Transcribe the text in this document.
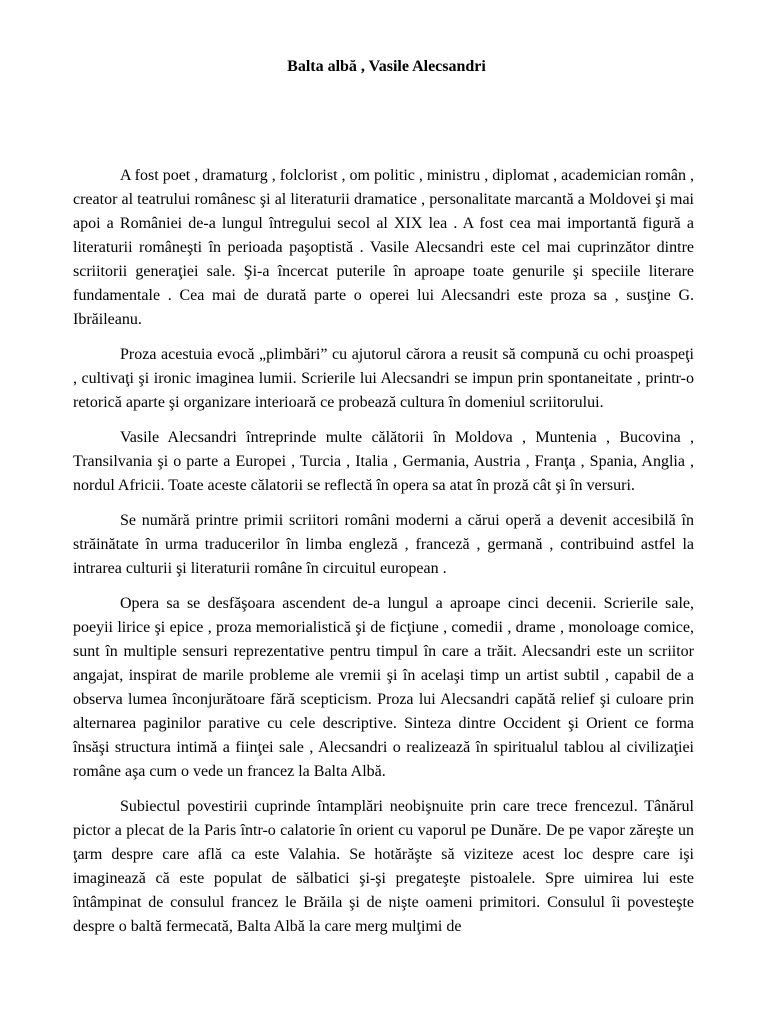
Balta albă , Vasile Alecsandri

A fost poet , dramaturg , folclorist , om politic , ministru , diplomat , academician român , creator al teatrului românesc şi al literaturii dramatice , personalitate marcantă a Moldovei şi mai apoi a României de-a lungul întregului secol al XIX lea . A fost cea mai importantă figură a literaturii româneşti în perioada paşoptistă . Vasile Alecsandri este cel mai cuprinzător dintre scriitorii generaţiei sale. Şi-a încercat puterile în aproape toate genurile şi speciile literare fundamentale . Cea mai de durată parte o operei lui Alecsandri este proza sa , susţine G. Ibrăileanu.

Proza acestuia evocă „plimbări” cu ajutorul cărora a reusit să compună cu ochi proaspeţi , cultivaţi şi ironic imaginea lumii. Scrierile lui Alecsandri se impun prin spontaneitate , printr-o retorică aparte şi organizare interioară ce probează cultura în domeniul scriitorului.

Vasile Alecsandri întreprinde multe călătorii în Moldova , Muntenia , Bucovina , Transilvania şi o parte a Europei , Turcia , Italia , Germania, Austria , Franţa , Spania, Anglia , nordul Africii. Toate aceste călatorii se reflectă în opera sa atat în proză cât şi în versuri.

Se numără printre primii scriitori români moderni a cărui operă a devenit accesibilă în străinătate în urma traducerilor în limba engleză , franceză , germană , contribuind astfel la intrarea culturii şi literaturii române în circuitul european .

Opera sa se desfăşoara ascendent de-a lungul a aproape cinci decenii. Scrierile sale, poeyii lirice şi epice , proza memorialistică şi de ficţiune , comedii , drame , monoloage comice, sunt în multiple sensuri reprezentative pentru timpul în care a trăit. Alecsandri este un scriitor angajat, inspirat de marile probleme ale vremii şi în acelaşi timp un artist subtil , capabil de a observa lumea înconjurătoare fără scepticism. Proza lui Alecsandri capătă relief şi culoare prin alternarea paginilor parative cu cele descriptive. Sinteza dintre Occident şi Orient ce forma însăşi structura intimă a fiinţei sale , Alecsandri o realizează în spiritualul tablou al civilizaţiei române aşa cum o vede un francez la Balta Albă.

Subiectul povestirii cuprinde întamplări neobişnuite prin care trece frencezul. Tânărul pictor a plecat de la Paris într-o calatorie în orient cu vaporul pe Dunăre. De pe vapor zăreşte un ţarm despre care află ca este Valahia. Se hotărăşte să viziteze acest loc despre care işi imaginează că este populat de sălbatici şi-şi pregateşte pistoalele. Spre uimirea lui este întâmpinat de consulul francez le Brăila şi de nişte oameni primitori. Consulul îi povesteşte despre o baltă fermecată, Balta Albă la care merg mulţimi de
